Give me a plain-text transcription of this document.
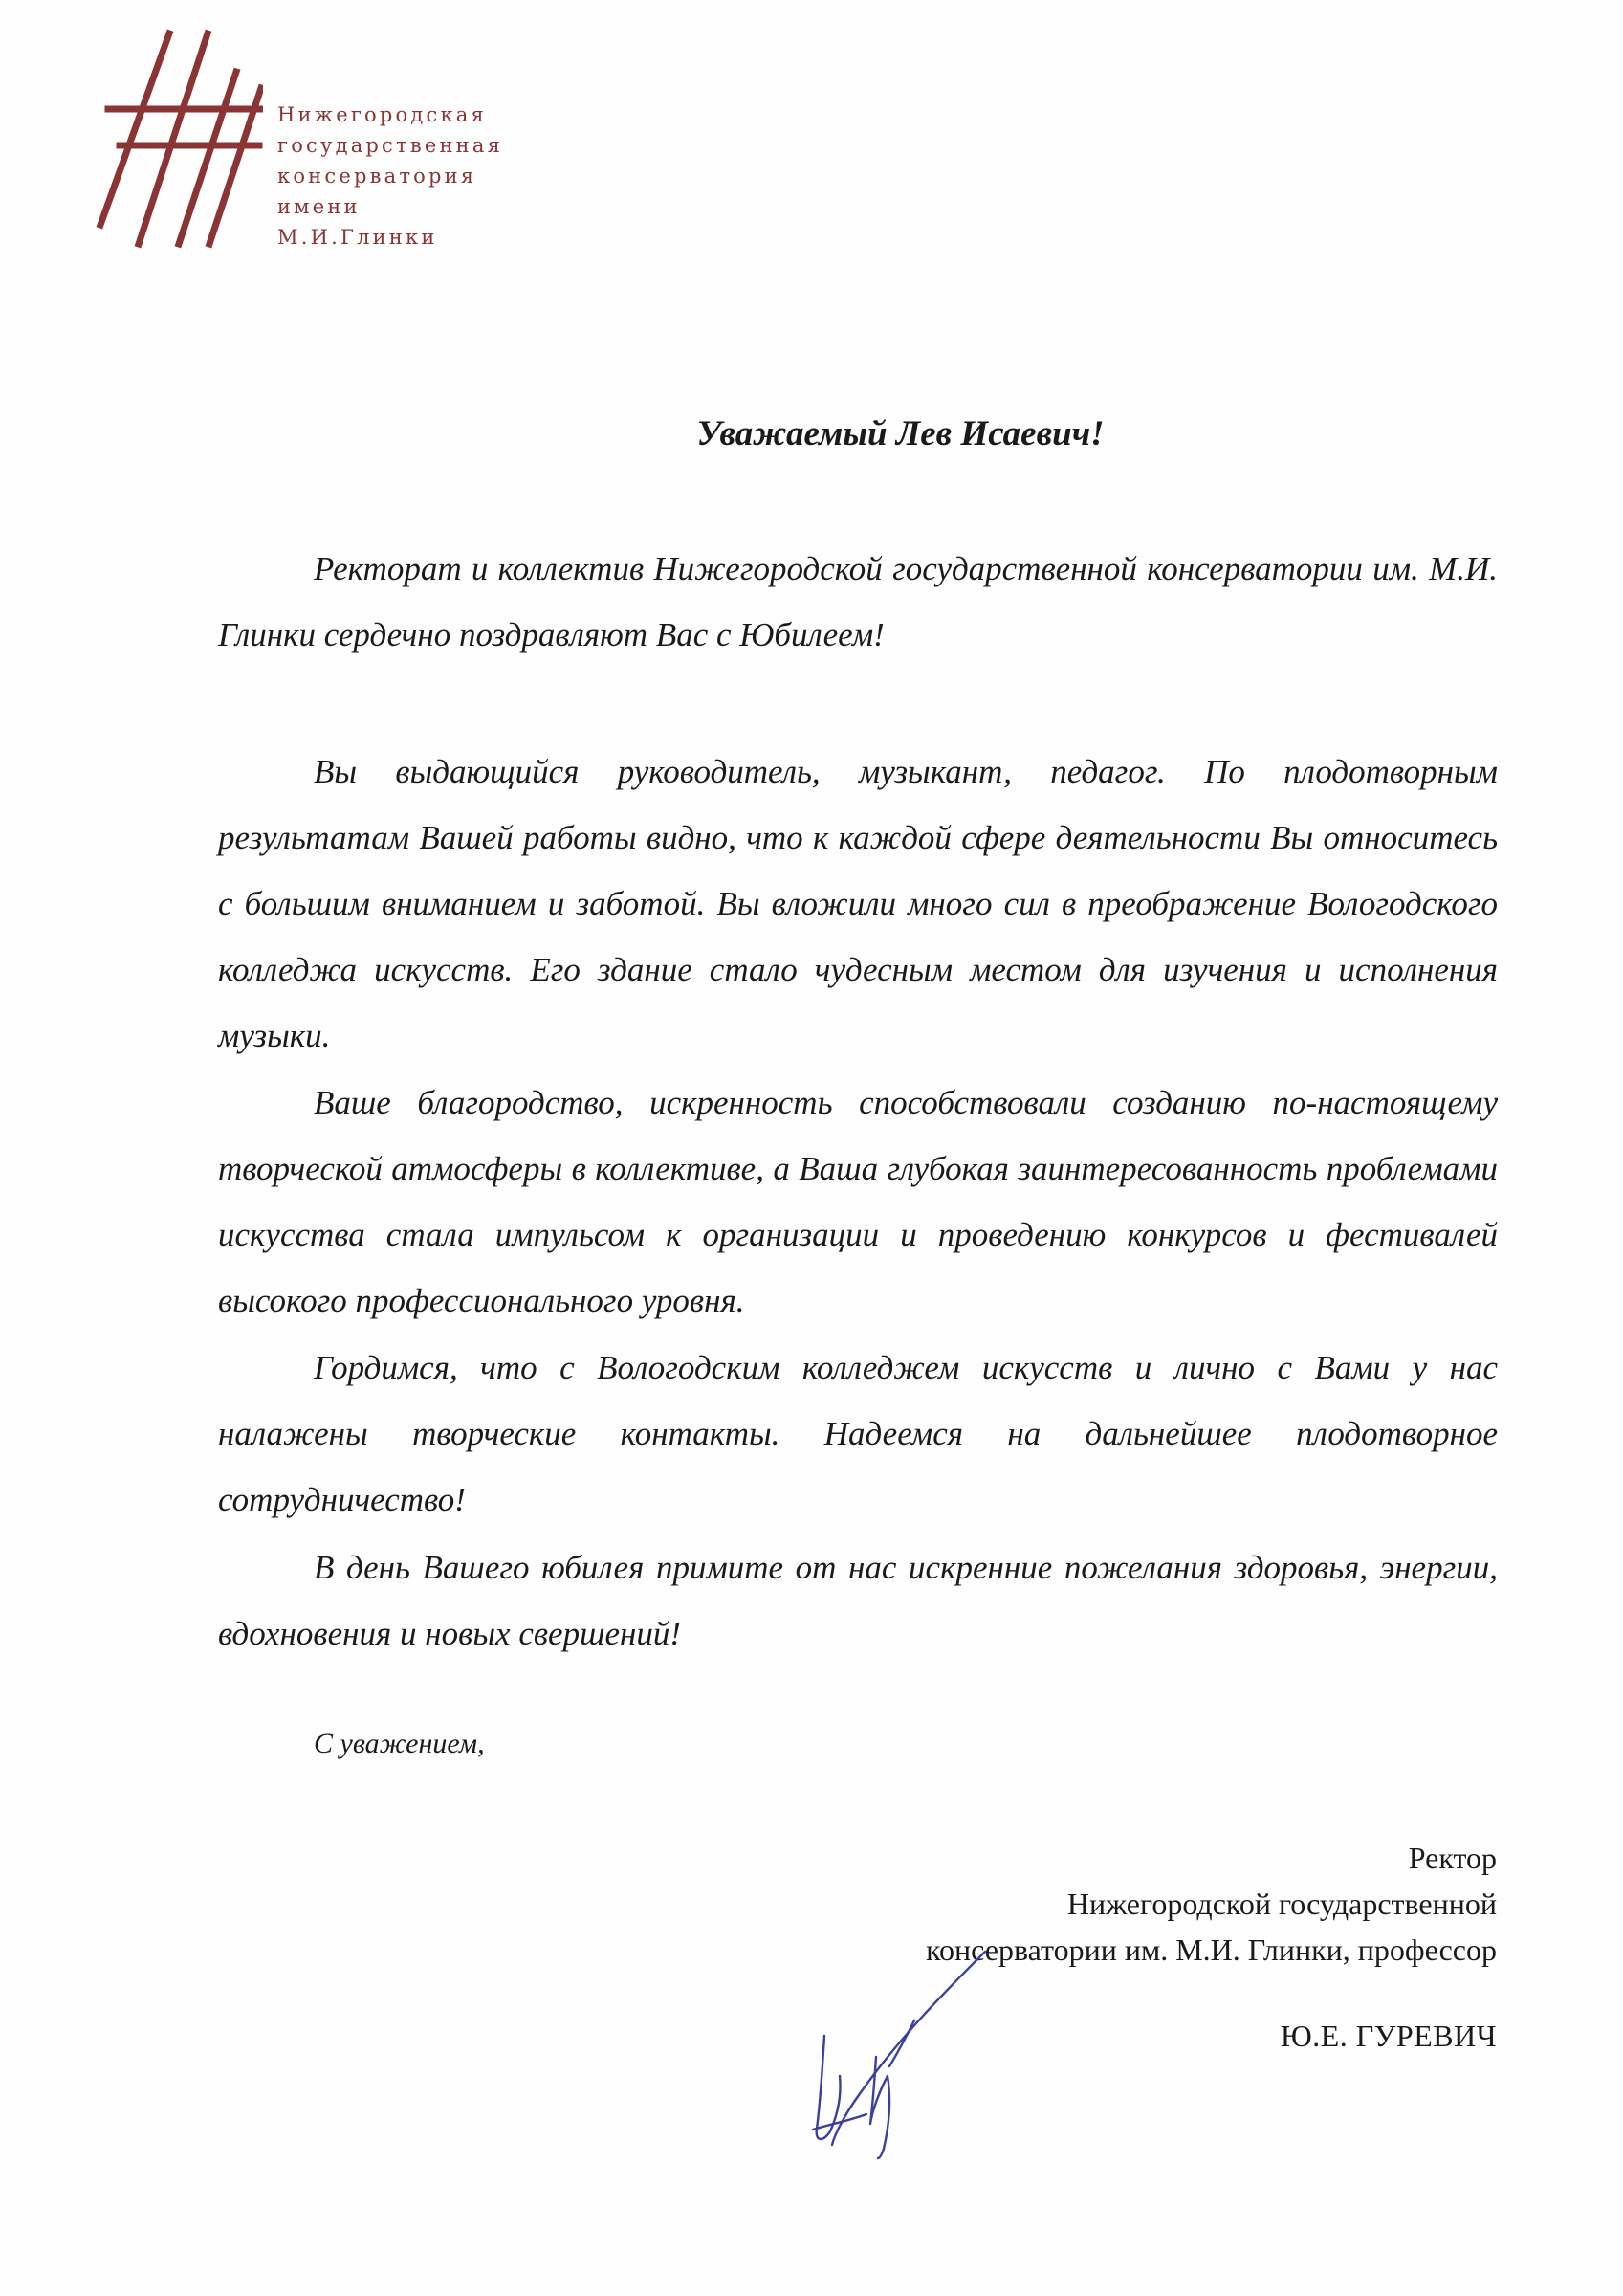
Нижегородская
государственная
консерватория
имени
М.И.Глинки
Уважаемый Лев Исаевич!

Ректорат и коллектив Нижегородской государственной консерватории им. М.И. Глинки сердечно поздравляют Вас с Юбилеем!

Вы выдающийся руководитель, музыкант, педагог. По плодотворным результатам Вашей работы видно, что к каждой сфере деятельности Вы относитесь с большим вниманием и заботой. Вы вложили много сил в преображение Вологодского колледжа искусств. Его здание стало чудесным местом для изучения и исполнения музыки.

Ваше благородство, искренность способствовали созданию по-настоящему творческой атмосферы в коллективе, а Ваша глубокая заинтересованность проблемами искусства стала импульсом к организации и проведению конкурсов и фестивалей высокого профессионального уровня.

Гордимся, что с Вологодским колледжем искусств и лично с Вами у нас налажены творческие контакты. Надеемся на дальнейшее плодотворное сотрудничество!

В день Вашего юбилея примите от нас искренние пожелания здоровья, энергии, вдохновения и новых свершений!

С уважением,
Ректор
Нижегородской государственной
консерватории им. М.И. Глинки, профессор
Ю.Е. ГУРЕВИЧ
